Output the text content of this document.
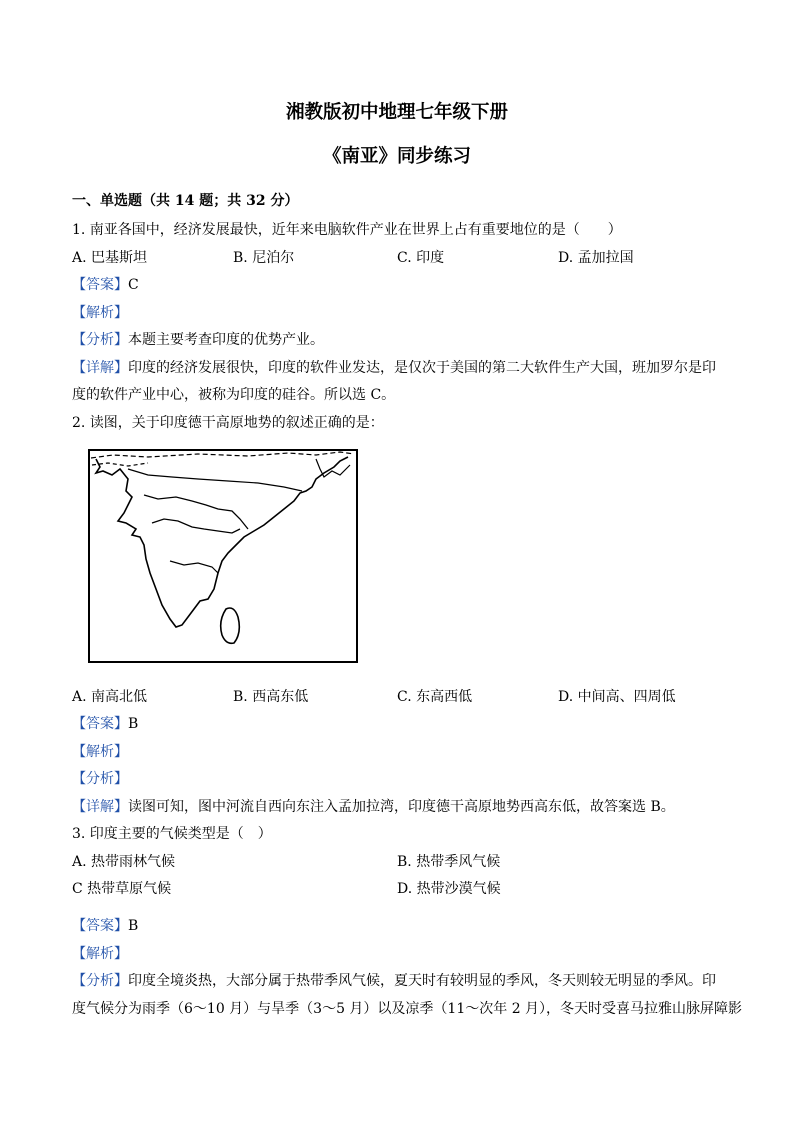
湘教版初中地理七年级下册
《南亚》同步练习
一、单选题（共 14 题；共 32 分）
1. 南亚各国中，经济发展最快，近年来电脑软件产业在世界上占有重要地位的是（　　）
A. 巴基斯坦	B. 尼泊尔	C. 印度	D. 孟加拉国
【答案】C
【解析】
【分析】本题主要考查印度的优势产业。
【详解】印度的经济发展很快，印度的软件业发达，是仅次于美国的第二大软件生产大国，班加罗尔是印
度的软件产业中心，被称为印度的硅谷。所以选 C。
2. 读图，关于印度德干高原地势的叙述正确的是：
A. 南高北低	B. 西高东低	C. 东高西低	D. 中间高、四周低
【答案】B
【解析】
【分析】
【详解】读图可知，图中河流自西向东注入孟加拉湾，印度德干高原地势西高东低，故答案选 B。
3. 印度主要的气候类型是（　）
A. 热带雨林气候	B. 热带季风气候
C 热带草原气候	D. 热带沙漠气候
【答案】B
【解析】
【分析】印度全境炎热，大部分属于热带季风气候，夏天时有较明显的季风，冬天则较无明显的季风。印
度气候分为雨季（6～10 月）与旱季（3～5 月）以及凉季（11～次年 2 月），冬天时受喜马拉雅山脉屏障影
